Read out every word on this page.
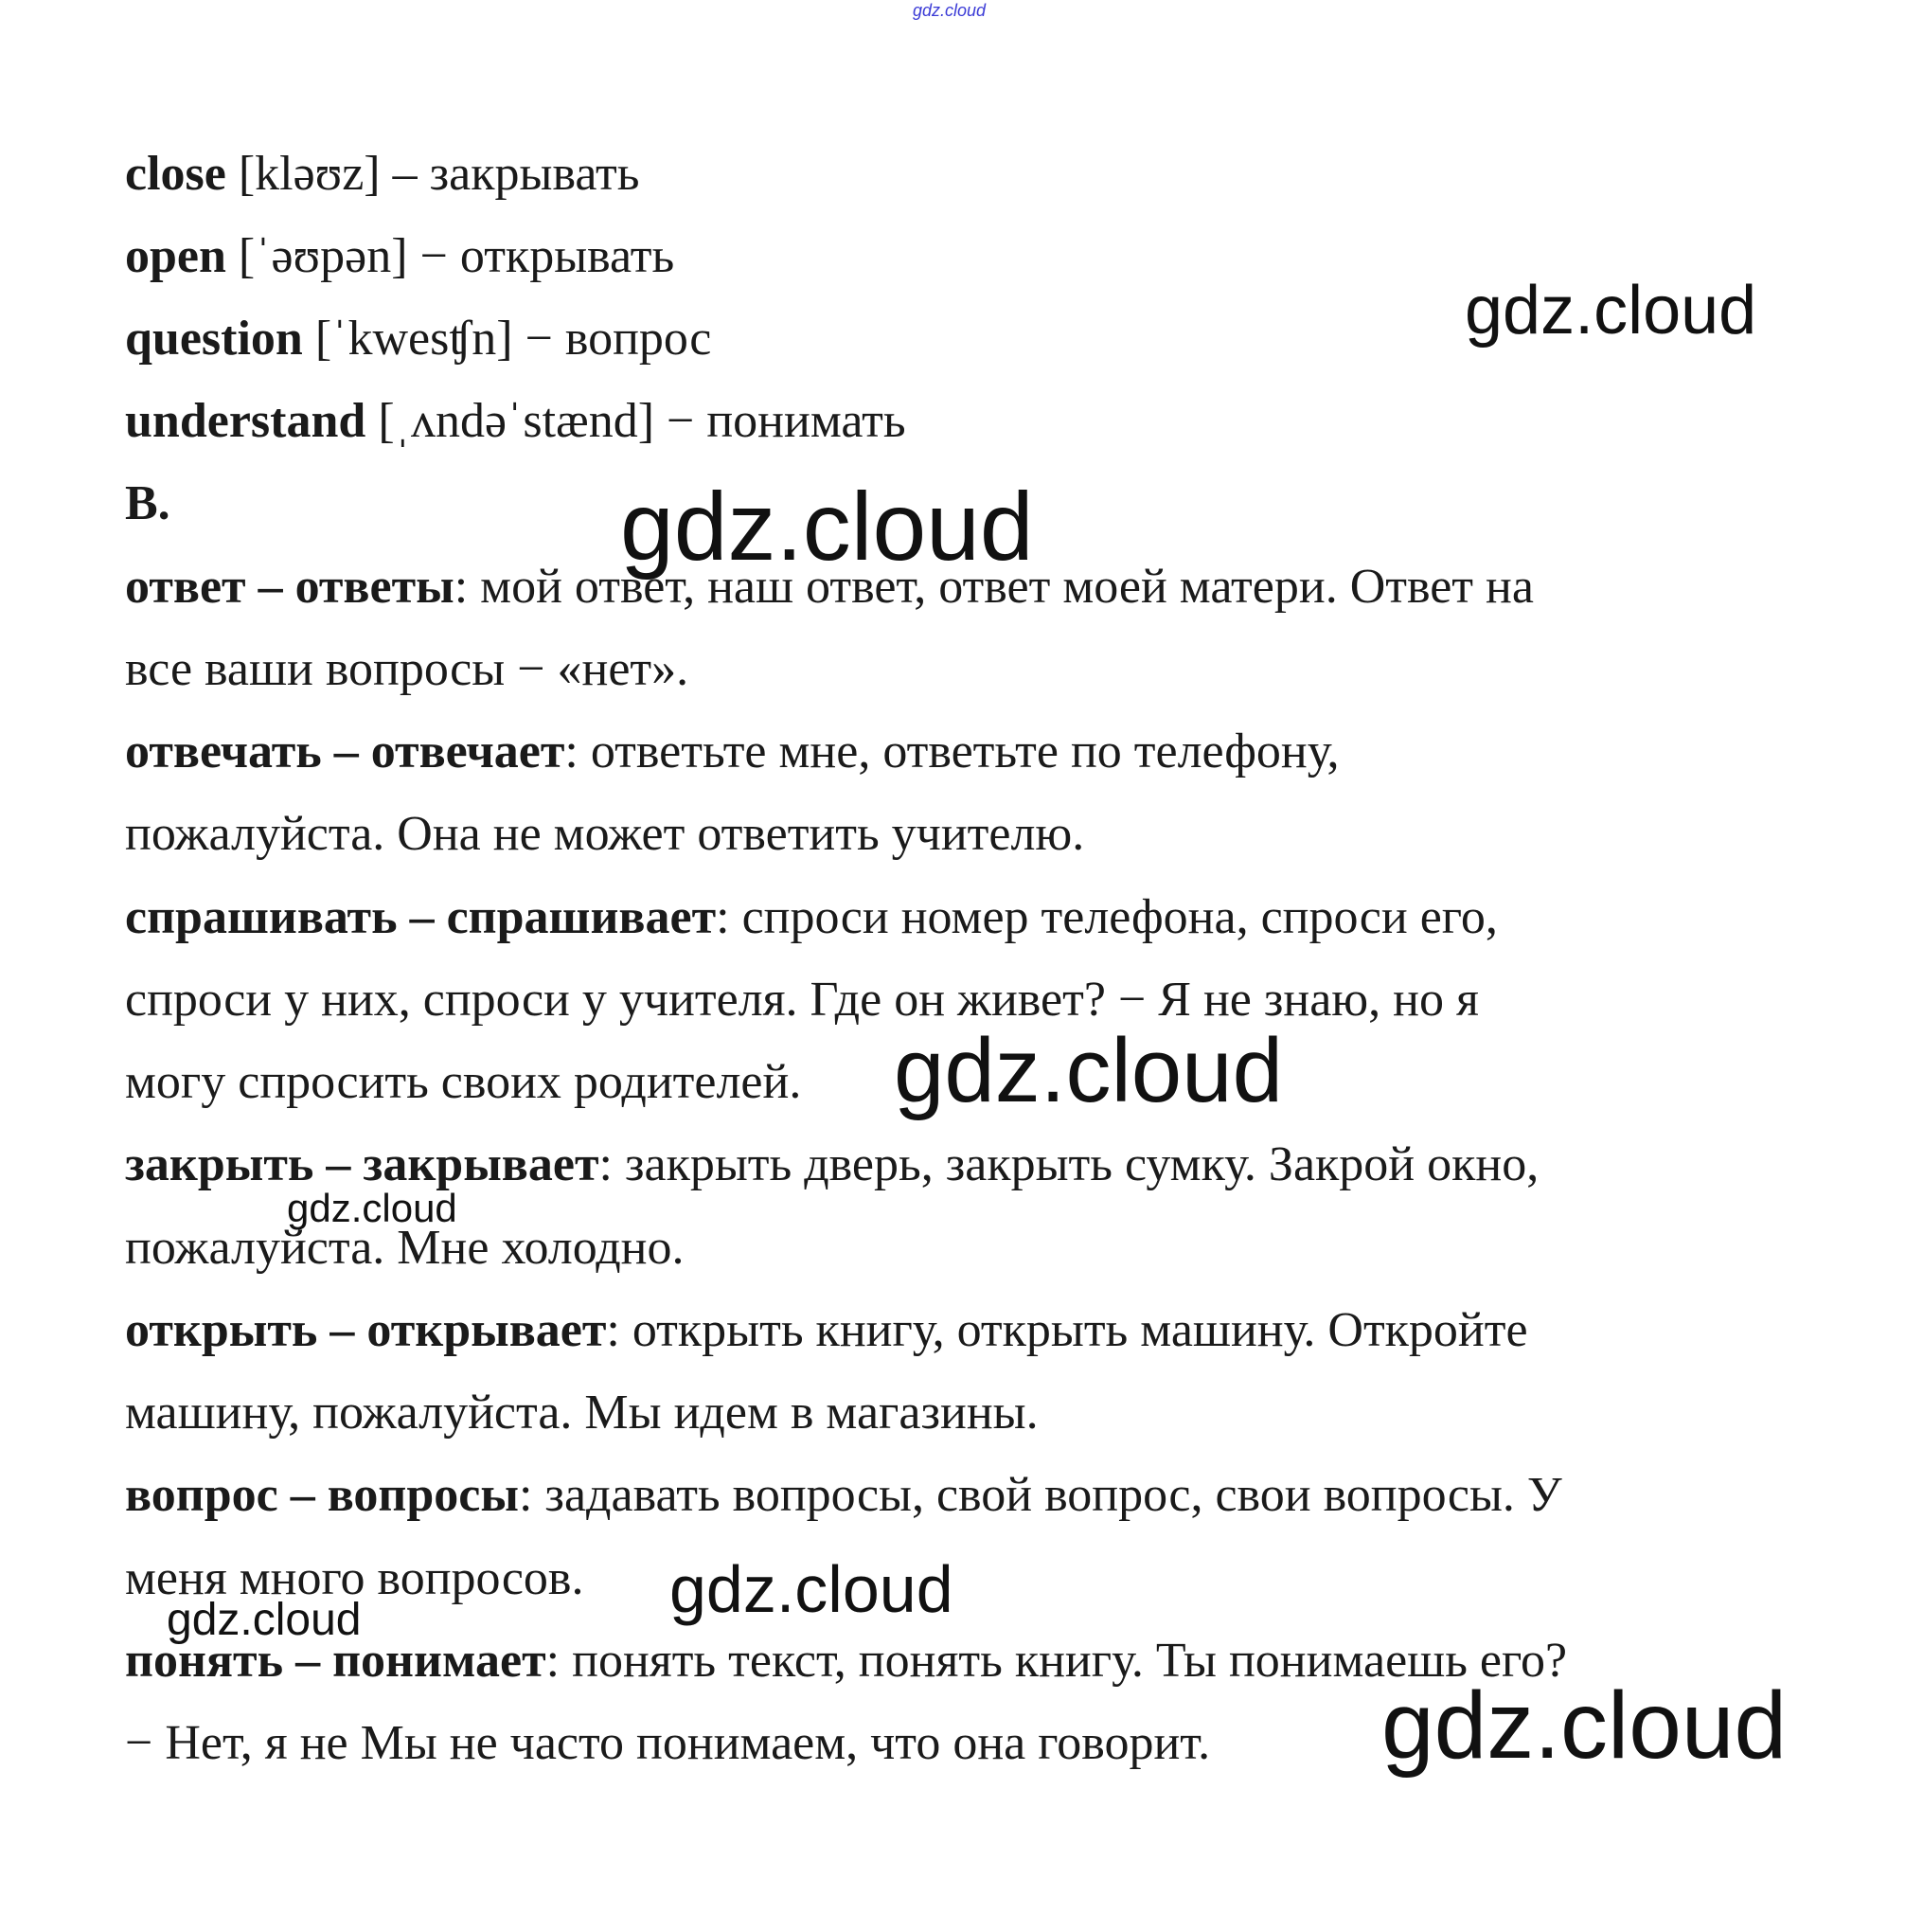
close [kləʊz] – закрывать
open [ˈəʊpən] − открывать
question [ˈkwesʧn] − вопрос
understand [ˌʌndəˈstænd] − понимать
B.
ответ – ответы: мой ответ, наш ответ, ответ моей матери. Ответ на
все ваши вопросы − «нет».
отвечать – отвечает: ответьте мне, ответьте по телефону,
пожалуйста. Она не может ответить учителю.
спрашивать – спрашивает: спроси номер телефона, спроси его,
спроси у них, спроси у учителя. Где он живет? − Я не знаю, но я
могу спросить своих родителей.
закрыть – закрывает: закрыть дверь, закрыть сумку. Закрой окно,
пожалуйста. Мне холодно.
открыть – открывает: открыть книгу, открыть машину. Откройте
машину, пожалуйста. Мы идем в магазины.
вопрос – вопросы: задавать вопросы, свой вопрос, свои вопросы. У
меня много вопросов.
понять – понимает: понять текст, понять книгу. Ты понимаешь его?
− Нет, я не Мы не часто понимаем, что она говорит.
gdz.cloud
gdz.cloud
gdz.cloud
gdz.cloud
gdz.cloud
gdz.cloud
gdz.cloud
gdz.cloud
